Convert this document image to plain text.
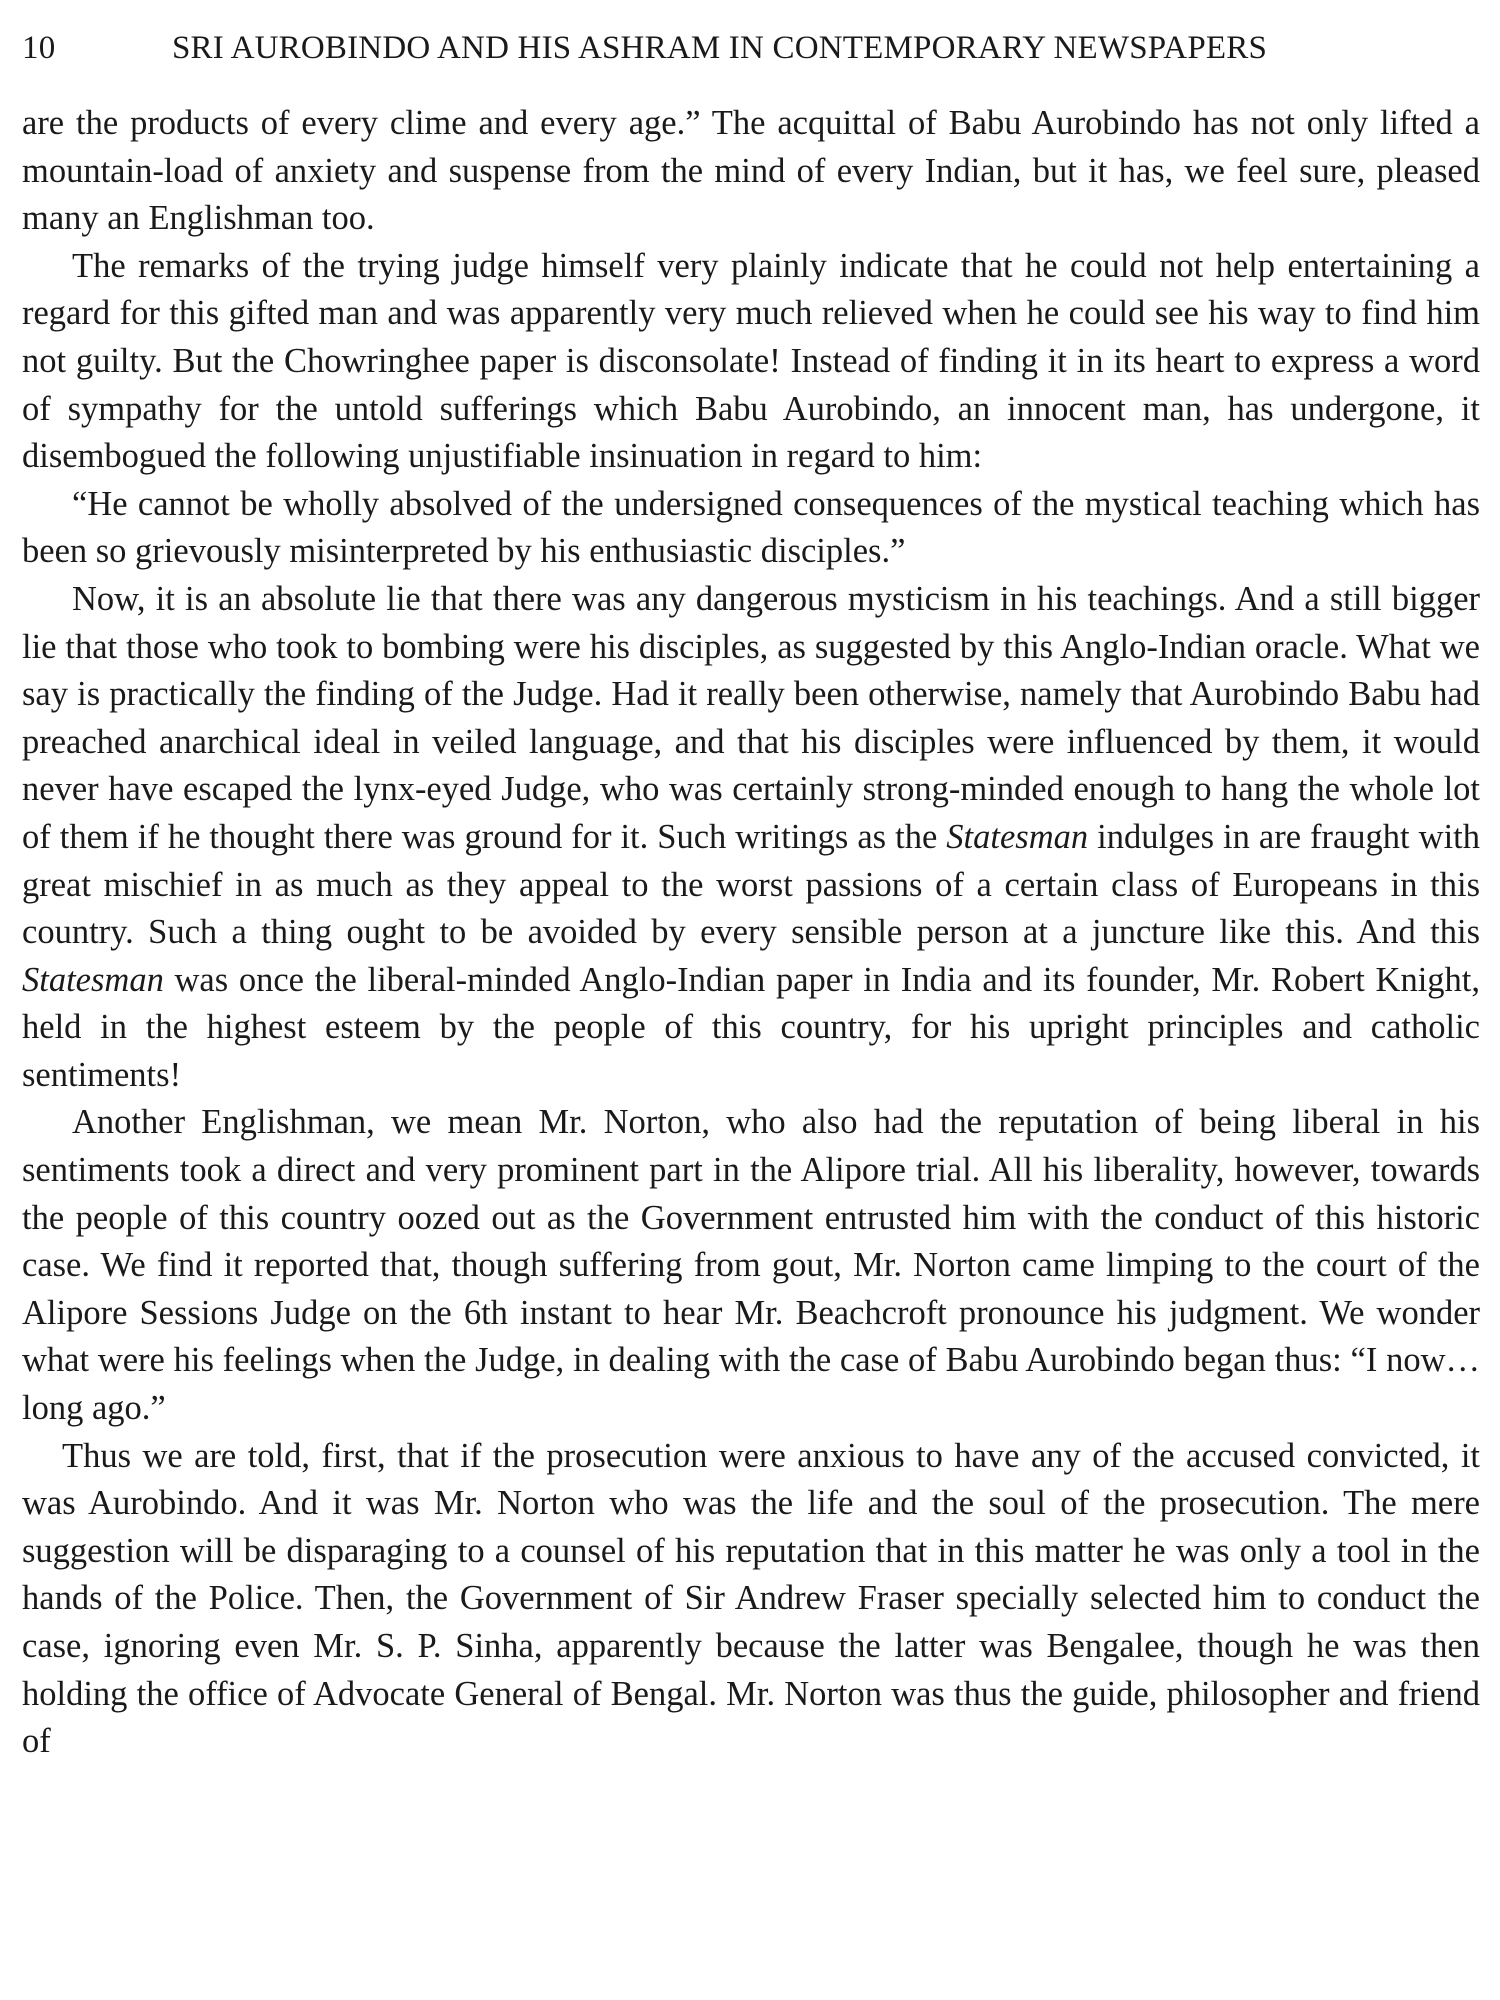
10	SRI AUROBINDO AND HIS ASHRAM IN CONTEMPORARY NEWSPAPERS

are the products of every clime and every age.” The acquittal of Babu Aurobindo has not only lifted a mountain-load of anxiety and suspense from the mind of every Indian, but it has, we feel sure, pleased many an Englishman too.

The remarks of the trying judge himself very plainly indicate that he could not help entertaining a regard for this gifted man and was apparently very much relieved when he could see his way to find him not guilty. But the Chowringhee paper is disconsolate! Instead of finding it in its heart to express a word of sympathy for the untold sufferings which Babu Aurobindo, an innocent man, has undergone, it disembogued the following unjustifiable insinuation in regard to him:

“He cannot be wholly absolved of the undersigned consequences of the mystical teaching which has been so grievously misinterpreted by his enthusiastic disciples.”

Now, it is an absolute lie that there was any dangerous mysticism in his teachings. And a still bigger lie that those who took to bombing were his disciples, as suggested by this Anglo-Indian oracle. What we say is practically the finding of the Judge. Had it really been otherwise, namely that Aurobindo Babu had preached anarchical ideal in veiled language, and that his disciples were influenced by them, it would never have escaped the lynx-eyed Judge, who was certainly strong-minded enough to hang the whole lot of them if he thought there was ground for it. Such writings as the Statesman indulges in are fraught with great mischief in as much as they appeal to the worst passions of a certain class of Europeans in this country. Such a thing ought to be avoided by every sensible person at a juncture like this. And this Statesman was once the liberal-minded Anglo-Indian paper in India and its founder, Mr. Robert Knight, held in the highest esteem by the people of this country, for his upright principles and catholic sentiments!

Another Englishman, we mean Mr. Norton, who also had the reputation of being liberal in his sentiments took a direct and very prominent part in the Alipore trial. All his liberality, however, towards the people of this country oozed out as the Government entrusted him with the conduct of this historic case. We find it reported that, though suffering from gout, Mr. Norton came limping to the court of the Alipore Sessions Judge on the 6th instant to hear Mr. Beachcroft pronounce his judgment. We wonder what were his feelings when the Judge, in dealing with the case of Babu Aurobindo began thus: “I now… long ago.”

Thus we are told, first, that if the prosecution were anxious to have any of the accused convicted, it was Aurobindo. And it was Mr. Norton who was the life and the soul of the prosecution. The mere suggestion will be disparaging to a counsel of his reputation that in this matter he was only a tool in the hands of the Police. Then, the Government of Sir Andrew Fraser specially selected him to conduct the case, ignoring even Mr. S. P. Sinha, apparently because the latter was Bengalee, though he was then holding the office of Advocate General of Bengal. Mr. Norton was thus the guide, philosopher and friend of
